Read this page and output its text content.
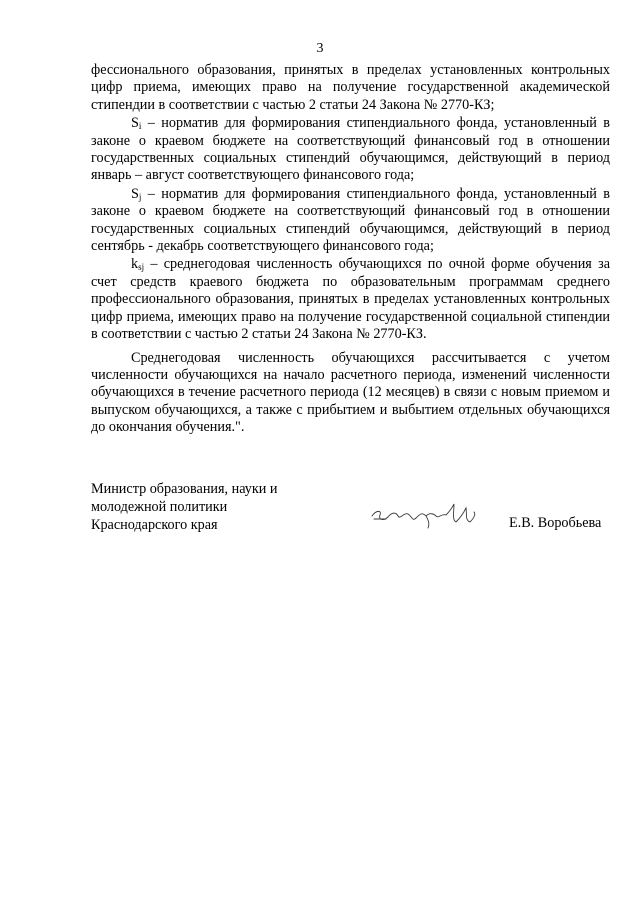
3

фессионального образования, принятых в пределах установленных контрольных цифр приема, имеющих право на получение государственной академической стипендии в соответствии с частью 2 статьи 24 Закона № 2770-КЗ;

$S_i$ – норматив для формирования стипендиального фонда, установленный в законе о краевом бюджете на соответствующий финансовый год в отношении государственных социальных стипендий обучающимся, действующий в период январь – август соответствующего финансового года;

$S_j$ – норматив для формирования стипендиального фонда, установленный в законе о краевом бюджете на соответствующий финансовый год в отношении государственных социальных стипендий обучающимся, действующий в период сентябрь - декабрь соответствующего финансового года;

$k_{sj}$ – среднегодовая численность обучающихся по очной форме обучения за счет средств краевого бюджета по образовательным программам среднего профессионального образования, принятых в пределах установленных контрольных цифр приема, имеющих право на получение государственной социальной стипендии в соответствии с частью 2 статьи 24 Закона № 2770-КЗ.

Среднегодовая численность обучающихся рассчитывается с учетом численности обучающихся на начало расчетного периода, изменений численности обучающихся в течение расчетного периода (12 месяцев) в связи с новым приемом и выпуском обучающихся, а также с прибытием и выбытием отдельных обучающихся до окончания обучения.".

Министр образования, науки и
молодежной политики
Краснодарского края	Е.В. Воробьева
